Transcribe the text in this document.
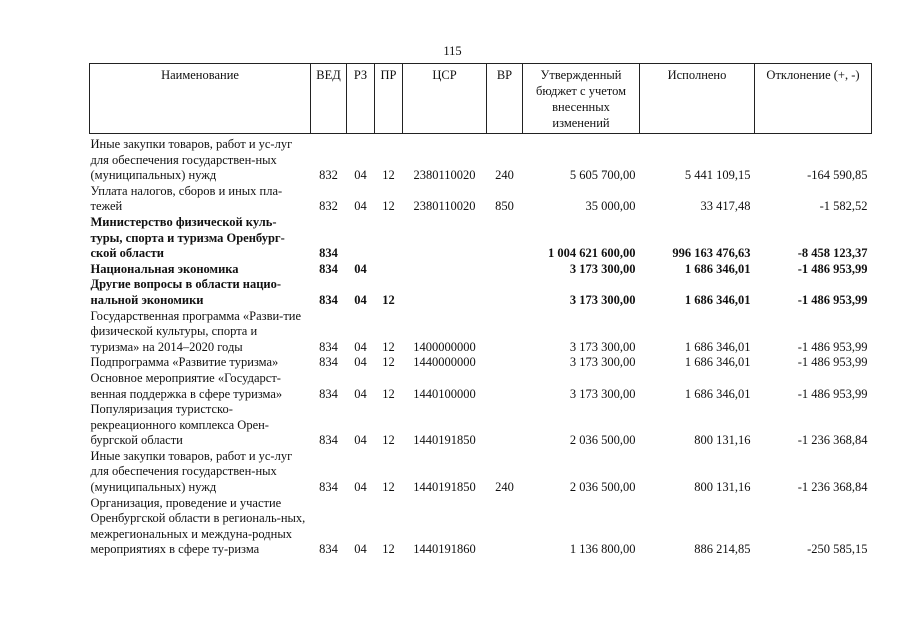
115
Наименование	ВЕД	РЗ	ПР	ЦСР	ВР	Утвержденный бюджет с учетом внесенных изменений	Исполнено	Отклонение (+, -)
Иные закупки товаров, работ и ус-луг для обеспечения государствен-ных (муниципальных) нужд	832	04	12	2380110020	240	5 605 700,00	5 441 109,15	-164 590,85
Уплата налогов, сборов и иных пла-тежей	832	04	12	2380110020	850	35 000,00	33 417,48	-1 582,52
Министерство физической куль-туры, спорта и туризма Оренбург-ской области	834					1 004 621 600,00	996 163 476,63	-8 458 123,37
Национальная экономика	834	04				3 173 300,00	1 686 346,01	-1 486 953,99
Другие вопросы в области нацио-нальной экономики	834	04	12			3 173 300,00	1 686 346,01	-1 486 953,99
Государственная программа «Разви-тие физической культуры, спорта и туризма» на 2014–2020 годы	834	04	12	1400000000		3 173 300,00	1 686 346,01	-1 486 953,99
Подпрограмма «Развитие туризма»	834	04	12	1440000000		3 173 300,00	1 686 346,01	-1 486 953,99
Основное мероприятие «Государст-венная поддержка в сфере туризма»	834	04	12	1440100000		3 173 300,00	1 686 346,01	-1 486 953,99
Популяризация туристско-рекреационного комплекса Орен-бургской области	834	04	12	1440191850		2 036 500,00	800 131,16	-1 236 368,84
Иные закупки товаров, работ и ус-луг для обеспечения государствен-ных (муниципальных) нужд	834	04	12	1440191850	240	2 036 500,00	800 131,16	-1 236 368,84
Организация, проведение и участие Оренбургской области в региональ-ных, межрегиональных и междуна-родных мероприятиях в сфере ту-ризма	834	04	12	1440191860		1 136 800,00	886 214,85	-250 585,15
